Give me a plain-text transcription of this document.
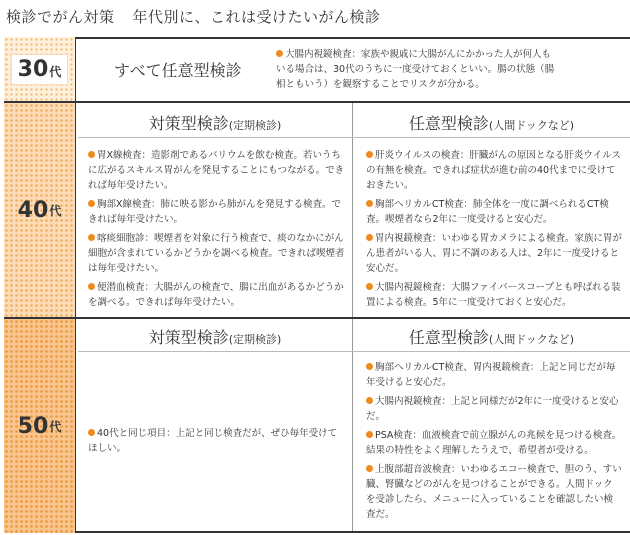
検診でがん対策 年代別に、これは受けたいがん検診
30 代
40 代
50 代
すべて任意型検診
大腸内視鏡検査：家族や親戚に大腸がんにかかった人が何人もいる場合は、30代のうちに一度受けておくといい。腸の状態（腸相ともいう）を観察することでリスクが分かる。
対策型検診(定期検診)	任意型検診(人間ドックなど)
胃X線検査：造影剤であるバリウムを飲む検査。若いうちに広がるスキルス胃がんを発見することにもつながる。できれば毎年受けたい。
胸部X線検査：肺に映る影から肺がんを発見する検査。できれば毎年受けたい。
喀痰細胞診：喫煙者を対象に行う検査で、痰のなかにがん細胞が含まれているかどうかを調べる検査。できれば喫煙者は毎年受けたい。
便潜血検査：大腸がんの検査で、腸に出血があるかどうかを調べる。できれば毎年受けたい。
肝炎ウイルスの検査：肝臓がんの原因となる肝炎ウイルスの有無を検査。できれば症状が進む前の40代までに受けておきたい。
胸部ヘリカルCT検査：肺全体を一度に調べられるCT検査。喫煙者なら2年に一度受けると安心だ。
胃内視鏡検査：いわゆる胃カメラによる検査。家族に胃がん患者がいる人、胃に不調のある人は、2年に一度受けると安心だ。
大腸内視鏡検査：大腸ファイバースコープとも呼ばれる装置による検査。5年に一度受けておくと安心だ。
対策型検診(定期検診)	任意型検診(人間ドックなど)
40代と同じ項目：上記と同じ検査だが、ぜひ毎年受けてほしい。
胸部ヘリカルCT検査、胃内視鏡検査：上記と同じだが毎年受けると安心だ。
大腸内視鏡検査：上記と同様だが2年に一度受けると安心だ。
PSA検査：血液検査で前立腺がんの兆候を見つける検査。結果の特性をよく理解したうえで、希望者が受ける。
上腹部超音波検査：いわゆるエコー検査で、胆のう、すい臓、腎臓などのがんを見つけることができる。人間ドックを受診したら、メニューに入っていることを確認したい検査だ。
